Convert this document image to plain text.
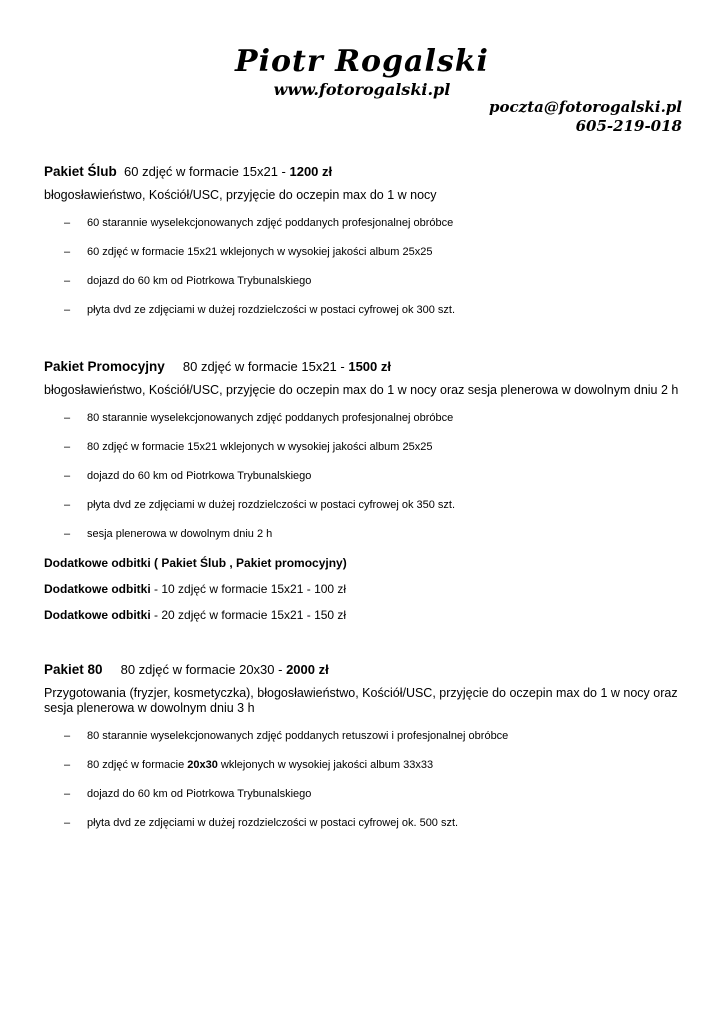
Piotr Rogalski
www.fotorogalski.pl
poczta@fotorogalski.pl
605-219-018
Pakiet Ślub 60 zdjęć w formacie 15x21 - 1200 zł
błogosławieństwo, Kościół/USC, przyjęcie do oczepin max do 1 w nocy
– 60 starannie wyselekcjonowanych zdjęć poddanych profesjonalnej obróbce
– 60 zdjęć w formacie 15x21 wklejonych w wysokiej jakości album 25x25
– dojazd do 60 km od Piotrkowa Trybunalskiego
– płyta dvd ze zdjęciami w dużej rozdzielczości w postaci cyfrowej ok 300 szt.
Pakiet Promocyjny 80 zdjęć w formacie 15x21 - 1500 zł
błogosławieństwo, Kościół/USC, przyjęcie do oczepin max do 1 w nocy oraz sesja plenerowa w dowolnym dniu 2 h
– 80 starannie wyselekcjonowanych zdjęć poddanych profesjonalnej obróbce
– 80 zdjęć w formacie 15x21 wklejonych w wysokiej jakości album 25x25
– dojazd do 60 km od Piotrkowa Trybunalskiego
– płyta dvd ze zdjęciami w dużej rozdzielczości w postaci cyfrowej ok 350 szt.
– sesja plenerowa w dowolnym dniu 2 h
Dodatkowe odbitki ( Pakiet Ślub , Pakiet promocyjny)
Dodatkowe odbitki - 10 zdjęć w formacie 15x21 - 100 zł
Dodatkowe odbitki - 20 zdjęć w formacie 15x21 - 150 zł
Pakiet 80 80 zdjęć w formacie 20x30 - 2000 zł
Przygotowania (fryzjer, kosmetyczka), błogosławieństwo, Kościół/USC, przyjęcie do oczepin max do 1 w nocy oraz sesja plenerowa w dowolnym dniu 3 h
– 80 starannie wyselekcjonowanych zdjęć poddanych retuszowi i profesjonalnej obróbce
– 80 zdjęć w formacie 20x30 wklejonych w wysokiej jakości album 33x33
– dojazd do 60 km od Piotrkowa Trybunalskiego
– płyta dvd ze zdjęciami w dużej rozdzielczości w postaci cyfrowej ok. 500 szt.
